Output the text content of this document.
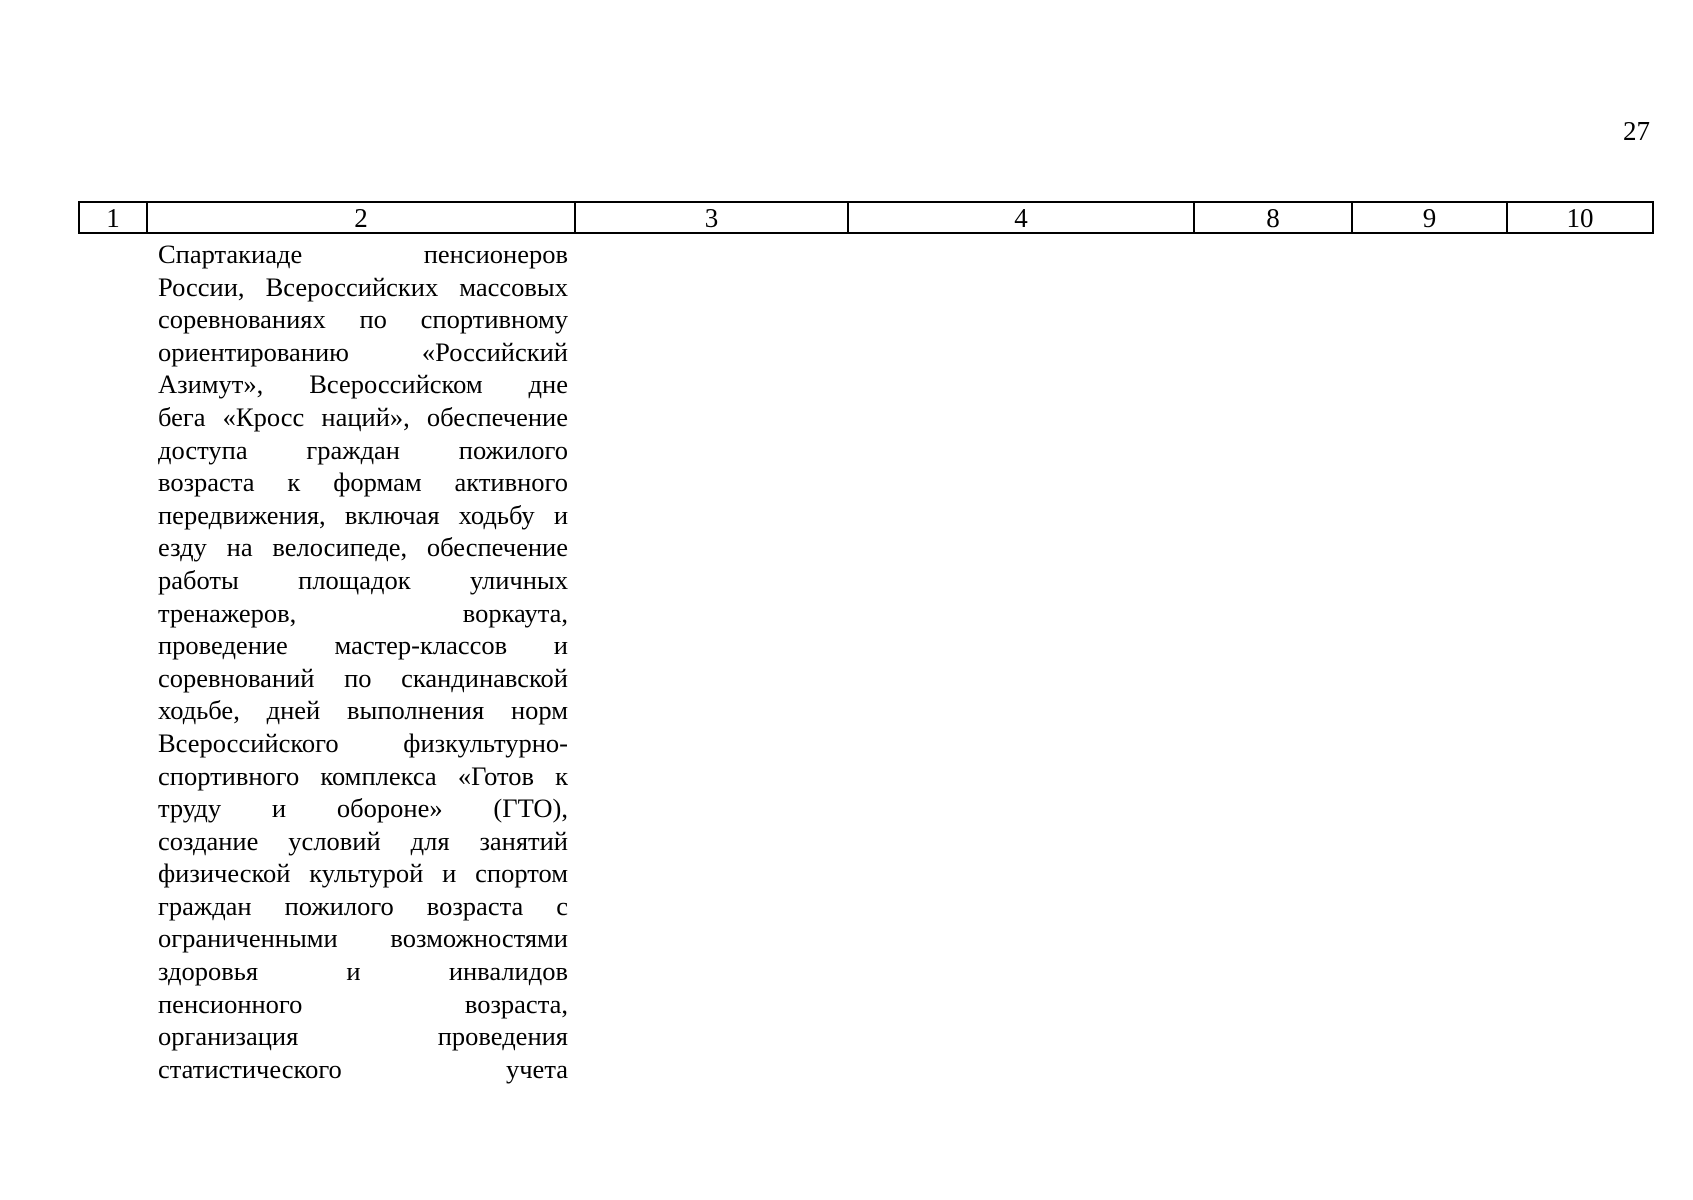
27
1	2	3	4	8	9	10
Спартакиаде пенсионеров
России, Всероссийских массовых
соревнованиях по спортивному
ориентированию «Российский
Азимут», Всероссийском дне
бега «Кросс наций», обеспечение
доступа граждан пожилого
возраста к формам активного
передвижения, включая ходьбу и
езду на велосипеде, обеспечение
работы площадок уличных
тренажеров, воркаута,
проведение мастер-классов и
соревнований по скандинавской
ходьбе, дней выполнения норм
Всероссийского физкультурно-
спортивного комплекса «Готов к
труду и обороне» (ГТО),
создание условий для занятий
физической культурой и спортом
граждан пожилого возраста с
ограниченными возможностями
здоровья и инвалидов
пенсионного возраста,
организация проведения
статистического учета
